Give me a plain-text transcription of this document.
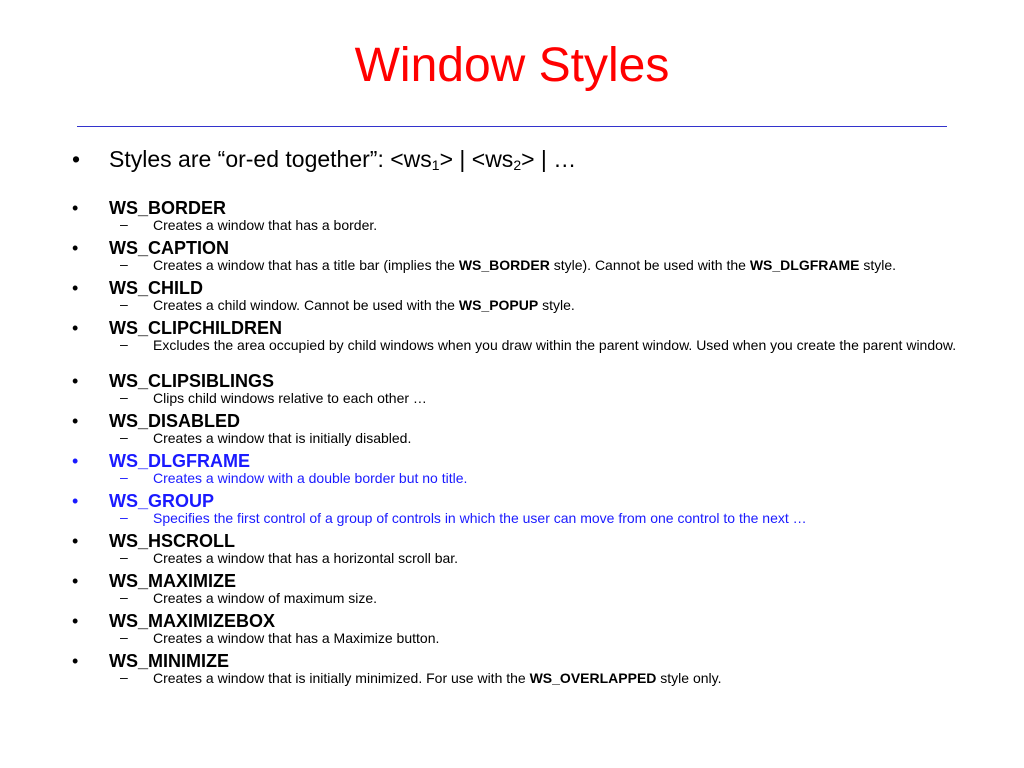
Window Styles
• Styles are “or-ed together”: $<ws_1>$ | $<ws_2>$ | …
• WS_BORDER
– Creates a window that has a border.
• WS_CAPTION
– Creates a window that has a title bar (implies the WS_BORDER style). Cannot be used with the WS_DLGFRAME style.
• WS_CHILD
– Creates a child window. Cannot be used with the WS_POPUP style.
• WS_CLIPCHILDREN
– Excludes the area occupied by child windows when you draw within the parent window. Used when you create the parent window.
• WS_CLIPSIBLINGS
– Clips child windows relative to each other …
• WS_DISABLED
– Creates a window that is initially disabled.
• WS_DLGFRAME
– Creates a window with a double border but no title.
• WS_GROUP
– Specifies the first control of a group of controls in which the user can move from one control to the next …
• WS_HSCROLL
– Creates a window that has a horizontal scroll bar.
• WS_MAXIMIZE
– Creates a window of maximum size.
• WS_MAXIMIZEBOX
– Creates a window that has a Maximize button.
• WS_MINIMIZE
– Creates a window that is initially minimized. For use with the WS_OVERLAPPED style only.
